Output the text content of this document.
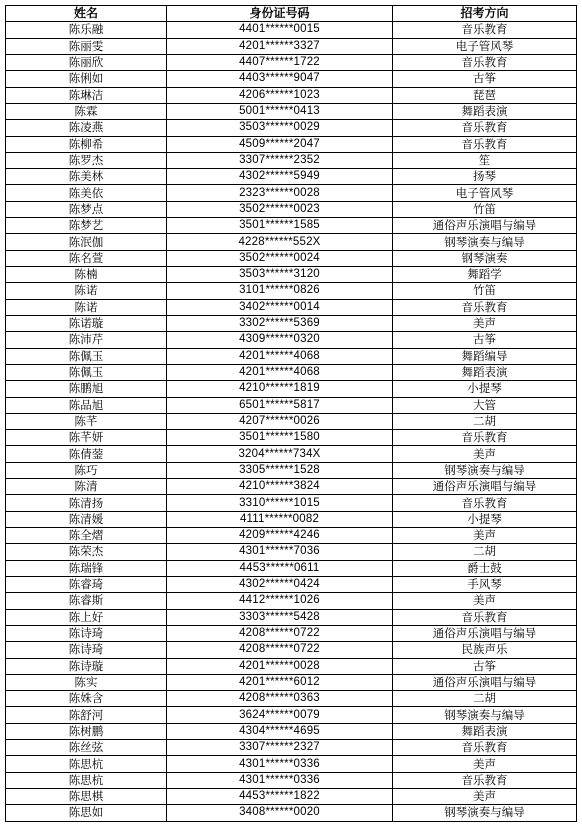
姓名	身份证号码	招考方向
陈乐融	4401******0015	音乐教育
陈丽雯	4201******3327	电子管风琴
陈丽欣	4407******1722	音乐教育
陈俐如	4403******9047	古筝
陈琳洁	4206******1023	琵琶
陈霖	5001******0413	舞蹈表演
陈凌燕	3503******0029	音乐教育
陈柳希	4509******2047	音乐教育
陈罗杰	3307******2352	笙
陈美林	4302******5949	扬琴
陈美依	2323******0028	电子管风琴
陈梦点	3502******0023	竹笛
陈梦艺	3501******1585	通俗声乐演唱与编导
陈泯伽	4228******552X	钢琴演奏与编导
陈名萱	3502******0024	钢琴演奏
陈楠	3503******3120	舞蹈学
陈诺	3101******0826	竹笛
陈诺	3402******0014	音乐教育
陈诺璇	3302******5369	美声
陈沛芹	4309******0320	古筝
陈佩玉	4201******4068	舞蹈编导
陈佩玉	4201******4068	舞蹈表演
陈鹏旭	4210******1819	小提琴
陈品旭	6501******5817	大管
陈芊	4207******0026	二胡
陈芊妍	3501******1580	音乐教育
陈倩蓥	3204******734X	美声
陈巧	3305******1528	钢琴演奏与编导
陈清	4210******3824	通俗声乐演唱与编导
陈清扬	3310******1015	音乐教育
陈清媛	4111******0082	小提琴
陈全熠	4209******4246	美声
陈荣杰	4301******7036	二胡
陈瑞锋	4453******0611	爵士鼓
陈睿琦	4302******0424	手风琴
陈睿斯	4412******1026	美声
陈上好	3303******5428	音乐教育
陈诗琦	4208******0722	通俗声乐演唱与编导
陈诗琦	4208******0722	民族声乐
陈诗璇	4201******0028	古筝
陈实	4201******6012	通俗声乐演唱与编导
陈姝含	4208******0363	二胡
陈舒河	3624******0079	钢琴演奏与编导
陈树鹏	4304******4695	舞蹈表演
陈丝弦	3307******2327	音乐教育
陈思杭	4301******0336	美声
陈思杭	4301******0336	音乐教育
陈思棋	4453******1822	美声
陈思如	3408******0020	钢琴演奏与编导
